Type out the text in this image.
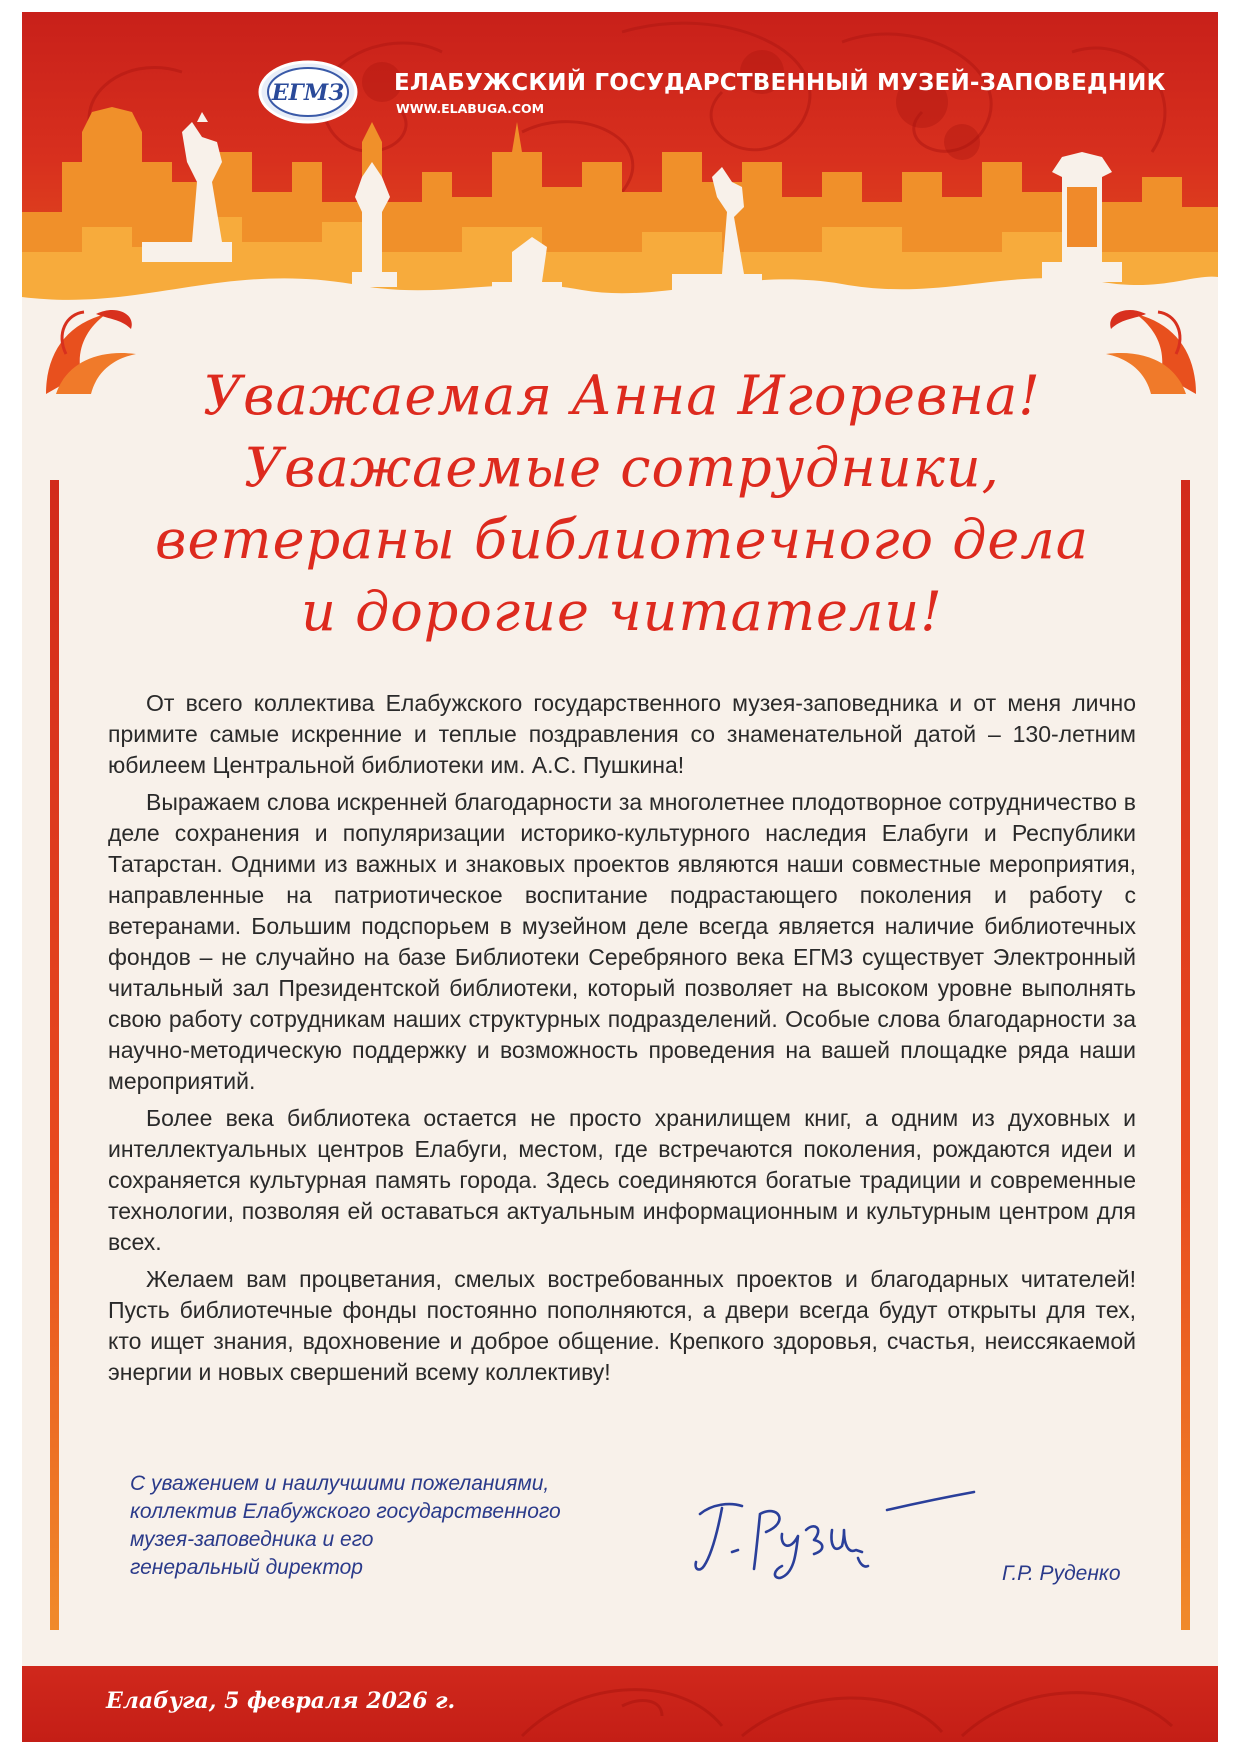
ЕГМЗ ЕЛАБУЖСКИЙ ГОСУДАРСТВЕННЫЙ МУЗЕЙ-ЗАПОВЕДНИК
WWW.ELABUGA.COM
Уважаемая Анна Игоревна!
Уважаемые сотрудники,
ветераны библиотечного дела
и дорогие читатели!

От всего коллектива Елабужского государственного музея-заповедника и от меня лично примите самые искренние и теплые поздравления со знаменательной датой – 130-летним юбилеем Центральной библиотеки им. А.С. Пушкина!

Выражаем слова искренней благодарности за многолетнее плодотворное сотрудничество в деле сохранения и популяризации историко-культурного наследия Елабуги и Республики Татарстан. Одними из важных и знаковых проектов являются наши совместные мероприятия, направленные на патриотическое воспитание подрастающего поколения и работу с ветеранами. Большим подспорьем в музейном деле всегда является наличие библиотечных фондов – не случайно на базе Библиотеки Серебряного века ЕГМЗ существует Электронный читальный зал Президентской библиотеки, который позволяет на высоком уровне выполнять свою работу сотрудникам наших структурных подразделений. Особые слова благодарности за научно-методическую поддержку и возможность проведения на вашей площадке ряда наши мероприятий.

Более века библиотека остается не просто хранилищем книг, а одним из духовных и интеллектуальных центров Елабуги, местом, где встречаются поколения, рождаются идеи и сохраняется культурная память города. Здесь соединяются богатые традиции и современные технологии, позволяя ей оставаться актуальным информационным и культурным центром для всех.

Желаем вам процветания, смелых востребованных проектов и благодарных читателей! Пусть библиотечные фонды постоянно пополняются, а двери всегда будут открыты для тех, кто ищет знания, вдохновение и доброе общение. Крепкого здоровья, счастья, неиссякаемой энергии и новых свершений всему коллективу!

С уважением и наилучшими пожеланиями,
коллектив Елабужского государственного
музея-заповедника и его
генеральный директор	Г.Р. Руденко
Елабуга, 5 февраля 2026 г.
